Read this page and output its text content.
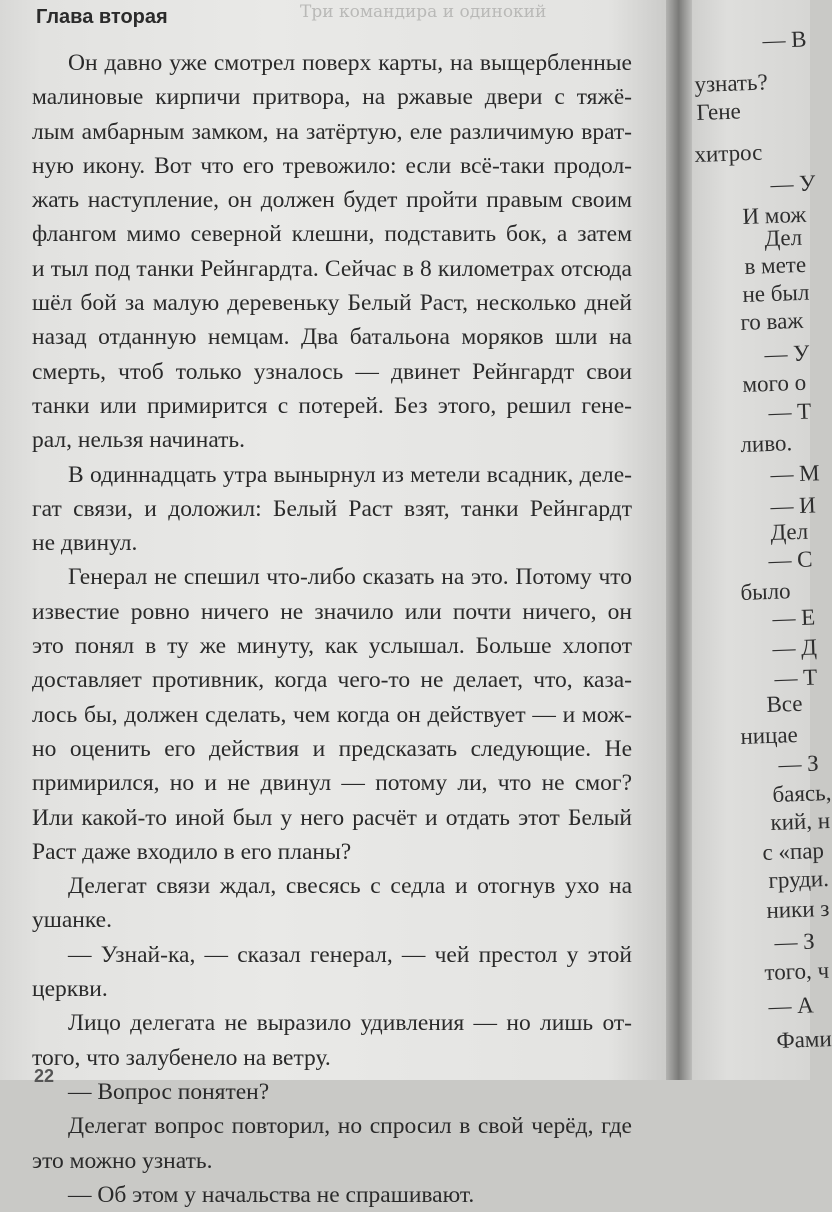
Глава вторая	Три командира и одинокий
Он давно уже смотрел поверх карты, на выщербленные
малиновые кирпичи притвора, на ржавые двери с тяжё-
лым амбарным замком, на затёртую, еле различимую врат-
ную икону. Вот что его тревожило: если всё-таки продол-
жать наступление, он должен будет пройти правым своим
флангом мимо северной клешни, подставить бок, а затем
и тыл под танки Рейнгардта. Сейчас в 8 километрах отсюда
шёл бой за малую деревеньку Белый Раст, несколько дней
назад отданную немцам. Два батальона моряков шли на
смерть, чтоб только узналось — двинет Рейнгардт свои
танки или примирится с потерей. Без этого, решил гене-
рал, нельзя начинать.
В одиннадцать утра вынырнул из метели всадник, деле-
гат связи, и доложил: Белый Раст взят, танки Рейнгардт
не двинул.
Генерал не спешил что-либо сказать на это. Потому что
известие ровно ничего не значило или почти ничего, он
это понял в ту же минуту, как услышал. Больше хлопот
доставляет противник, когда чего-то не делает, что, каза-
лось бы, должен сделать, чем когда он действует — и мож-
но оценить его действия и предсказать следующие. Не
примирился, но и не двинул — потому ли, что не смог?
Или какой-то иной был у него расчёт и отдать этот Белый
Раст даже входило в его планы?
Делегат связи ждал, свесясь с седла и отогнув ухо на
ушанке.
— Узнай-ка, — сказал генерал, — чей престол у этой
церкви.
Лицо делегата не выразило удивления — но лишь от-
того, что залубенело на ветру.
— Вопрос понятен?
Делегат вопрос повторил, но спросил в свой черёд, где
это можно узнать.
— Об этом у начальства не спрашивают.
22
— В
узнать?
Гене
хитрос
— У
И мож
Дел
в мете
не был
го важ
— У
мого о
— Т
ливо.
— М
— И
Дел
— С
было
— Е
— Д
— Т
Все
ницае
— З
баясь,
кий, н
с «пар
груди.
ники з
— З
того, ч
— А
Фами
